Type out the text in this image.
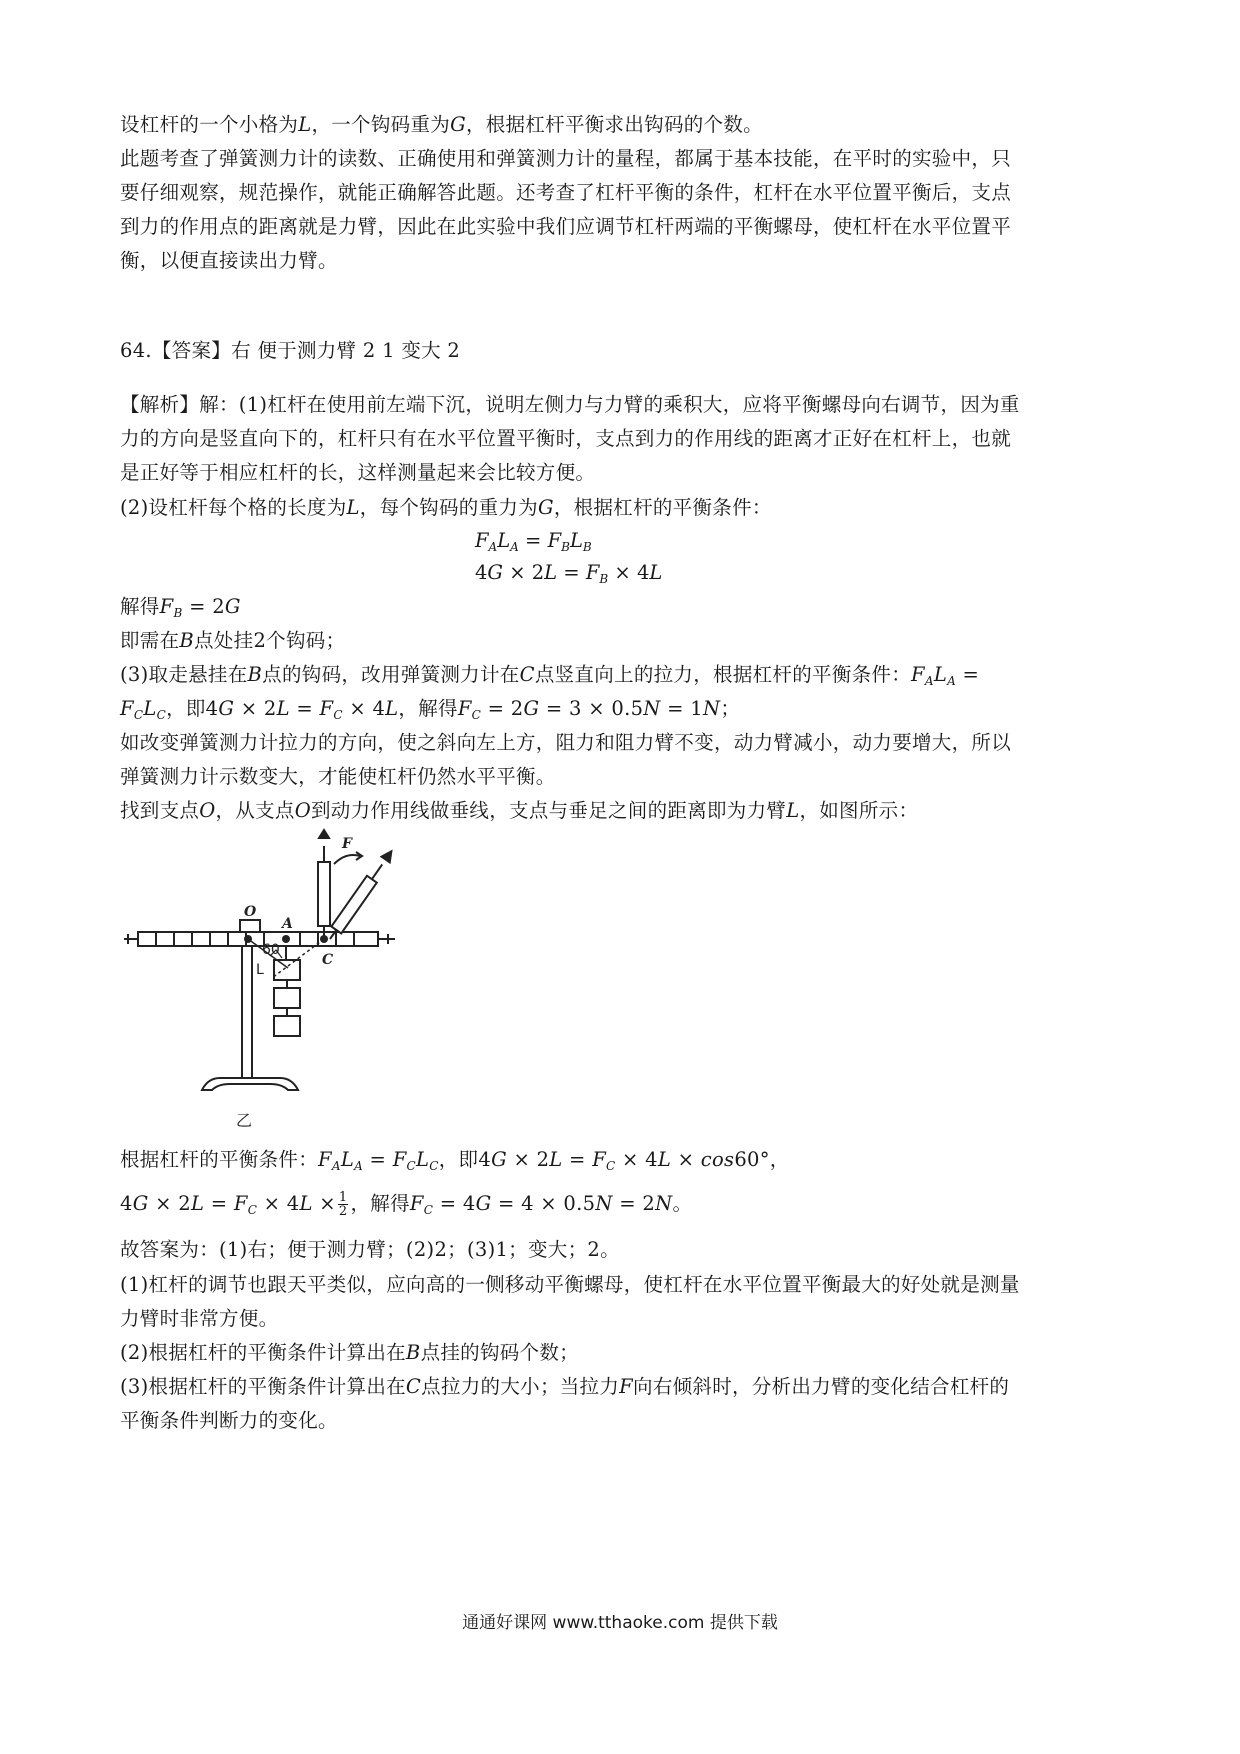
设杠杆的一个小格为L，一个钩码重为G，根据杠杆平衡求出钩码的个数。
此题考查了弹簧测力计的读数、正确使用和弹簧测力计的量程，都属于基本技能，在平时的实验中，只
要仔细观察，规范操作，就能正确解答此题。还考查了杠杆平衡的条件，杠杆在水平位置平衡后，支点
到力的作用点的距离就是力臂，因此在此实验中我们应调节杠杆两端的平衡螺母，使杠杆在水平位置平
衡，以便直接读出力臂。
64.【答案】右 便于测力臂 2 1 变大 2
【解析】解：(1)杠杆在使用前左端下沉，说明左侧力与力臂的乘积大，应将平衡螺母向右调节，因为重
力的方向是竖直向下的，杠杆只有在水平位置平衡时，支点到力的作用线的距离才正好在杠杆上，也就
是正好等于相应杠杆的长，这样测量起来会比较方便。
(2)设杠杆每个格的长度为L，每个钩码的重力为G，根据杠杆的平衡条件：
$F_AL_A = F_BL_B$
$4G \times 2L = F_B \times 4L$
解得$F_B = 2G$
即需在B点处挂2个钩码；
(3)取走悬挂在B点的钩码，改用弹簧测力计在C点竖直向上的拉力，根据杠杆的平衡条件：$F_AL_A$ =
$F_CL_C$，即$4G \times 2L = F_C \times 4L$，解得$F_C = 2G = 3 \times 0.5N = 1N$；
如改变弹簧测力计拉力的方向，使之斜向左上方，阻力和阻力臂不变，动力臂减小，动力要增大，所以
弹簧测力计示数变大，才能使杠杆仍然水平平衡。
找到支点O，从支点O到动力作用线做垂线，支点与垂足之间的距离即为力臂L，如图所示：
根据杠杆的平衡条件：$F_AL_A = F_CL_C$，即$4G \times 2L = F_C \times 4L \times \cos 60^\circ$，
$4G \times 2L = F_C \times 4L \times \frac{1}{2}$ ，解得$F_C = 4G = 4 \times 0.5N = 2N$。
故答案为：(1)右；便于测力臂；(2)2；(3)1；变大；2。
(1)杠杆的调节也跟天平类似，应向高的一侧移动平衡螺母，使杠杆在水平位置平衡最大的好处就是测量
力臂时非常方便。
(2)根据杠杆的平衡条件计算出在B点挂的钩码个数；
(3)根据杠杆的平衡条件计算出在C点拉力的大小；当拉力F向右倾斜时，分析出力臂的变化结合杠杆的
平衡条件判断力的变化。
O
A
C
F
60
L
乙
通通好课网 www.tthaoke.com 提供下载
